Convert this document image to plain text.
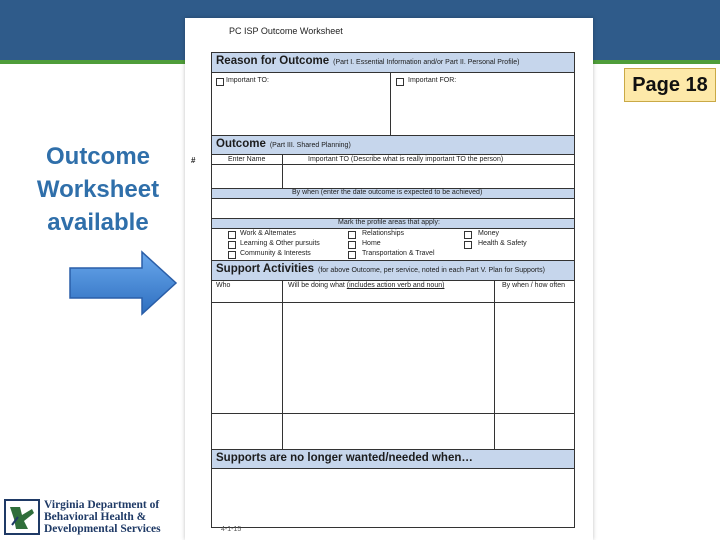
Page 18
Outcome
Worksheet
available
Virginia Department of
Behavioral Health &
Developmental Services
PC ISP Outcome Worksheet
#
Reason for Outcome (Part I. Essential Information and/or Part II. Personal Profile)
Important TO:	Important FOR:
Outcome (Part III. Shared Planning)
Enter Name	Important TO (Describe what is really important TO the person)
By when (enter the date outcome is expected to be achieved)
Mark the profile areas that apply:
Work & Alternates	Relationships	Money
Learning & Other pursuits	Home	Health & Safety
Community & Interests	Transportation & Travel
Support Activities (for above Outcome, per service, noted in each Part V. Plan for Supports)
Who	Will be doing what (includes action verb and noun)	By when / how often
Supports are no longer wanted/needed when…
4-1-15
